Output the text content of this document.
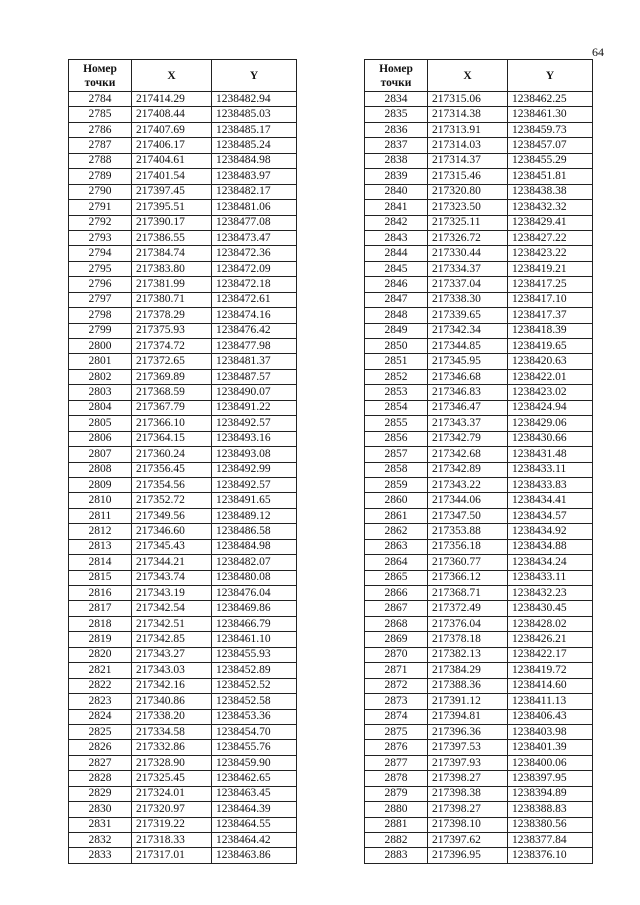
64
Номер точки	X	Y
2784	217414.29	1238482.94
2785	217408.44	1238485.03
2786	217407.69	1238485.17
2787	217406.17	1238485.24
2788	217404.61	1238484.98
2789	217401.54	1238483.97
2790	217397.45	1238482.17
2791	217395.51	1238481.06
2792	217390.17	1238477.08
2793	217386.55	1238473.47
2794	217384.74	1238472.36
2795	217383.80	1238472.09
2796	217381.99	1238472.18
2797	217380.71	1238472.61
2798	217378.29	1238474.16
2799	217375.93	1238476.42
2800	217374.72	1238477.98
2801	217372.65	1238481.37
2802	217369.89	1238487.57
2803	217368.59	1238490.07
2804	217367.79	1238491.22
2805	217366.10	1238492.57
2806	217364.15	1238493.16
2807	217360.24	1238493.08
2808	217356.45	1238492.99
2809	217354.56	1238492.57
2810	217352.72	1238491.65
2811	217349.56	1238489.12
2812	217346.60	1238486.58
2813	217345.43	1238484.98
2814	217344.21	1238482.07
2815	217343.74	1238480.08
2816	217343.19	1238476.04
2817	217342.54	1238469.86
2818	217342.51	1238466.79
2819	217342.85	1238461.10
2820	217343.27	1238455.93
2821	217343.03	1238452.89
2822	217342.16	1238452.52
2823	217340.86	1238452.58
2824	217338.20	1238453.36
2825	217334.58	1238454.70
2826	217332.86	1238455.76
2827	217328.90	1238459.90
2828	217325.45	1238462.65
2829	217324.01	1238463.45
2830	217320.97	1238464.39
2831	217319.22	1238464.55
2832	217318.33	1238464.42
2833	217317.01	1238463.86
Номер точки	X	Y
2834	217315.06	1238462.25
2835	217314.38	1238461.30
2836	217313.91	1238459.73
2837	217314.03	1238457.07
2838	217314.37	1238455.29
2839	217315.46	1238451.81
2840	217320.80	1238438.38
2841	217323.50	1238432.32
2842	217325.11	1238429.41
2843	217326.72	1238427.22
2844	217330.44	1238423.22
2845	217334.37	1238419.21
2846	217337.04	1238417.25
2847	217338.30	1238417.10
2848	217339.65	1238417.37
2849	217342.34	1238418.39
2850	217344.85	1238419.65
2851	217345.95	1238420.63
2852	217346.68	1238422.01
2853	217346.83	1238423.02
2854	217346.47	1238424.94
2855	217343.37	1238429.06
2856	217342.79	1238430.66
2857	217342.68	1238431.48
2858	217342.89	1238433.11
2859	217343.22	1238433.83
2860	217344.06	1238434.41
2861	217347.50	1238434.57
2862	217353.88	1238434.92
2863	217356.18	1238434.88
2864	217360.77	1238434.24
2865	217366.12	1238433.11
2866	217368.71	1238432.23
2867	217372.49	1238430.45
2868	217376.04	1238428.02
2869	217378.18	1238426.21
2870	217382.13	1238422.17
2871	217384.29	1238419.72
2872	217388.36	1238414.60
2873	217391.12	1238411.13
2874	217394.81	1238406.43
2875	217396.36	1238403.98
2876	217397.53	1238401.39
2877	217397.93	1238400.06
2878	217398.27	1238397.95
2879	217398.38	1238394.89
2880	217398.27	1238388.83
2881	217398.10	1238380.56
2882	217397.62	1238377.84
2883	217396.95	1238376.10
